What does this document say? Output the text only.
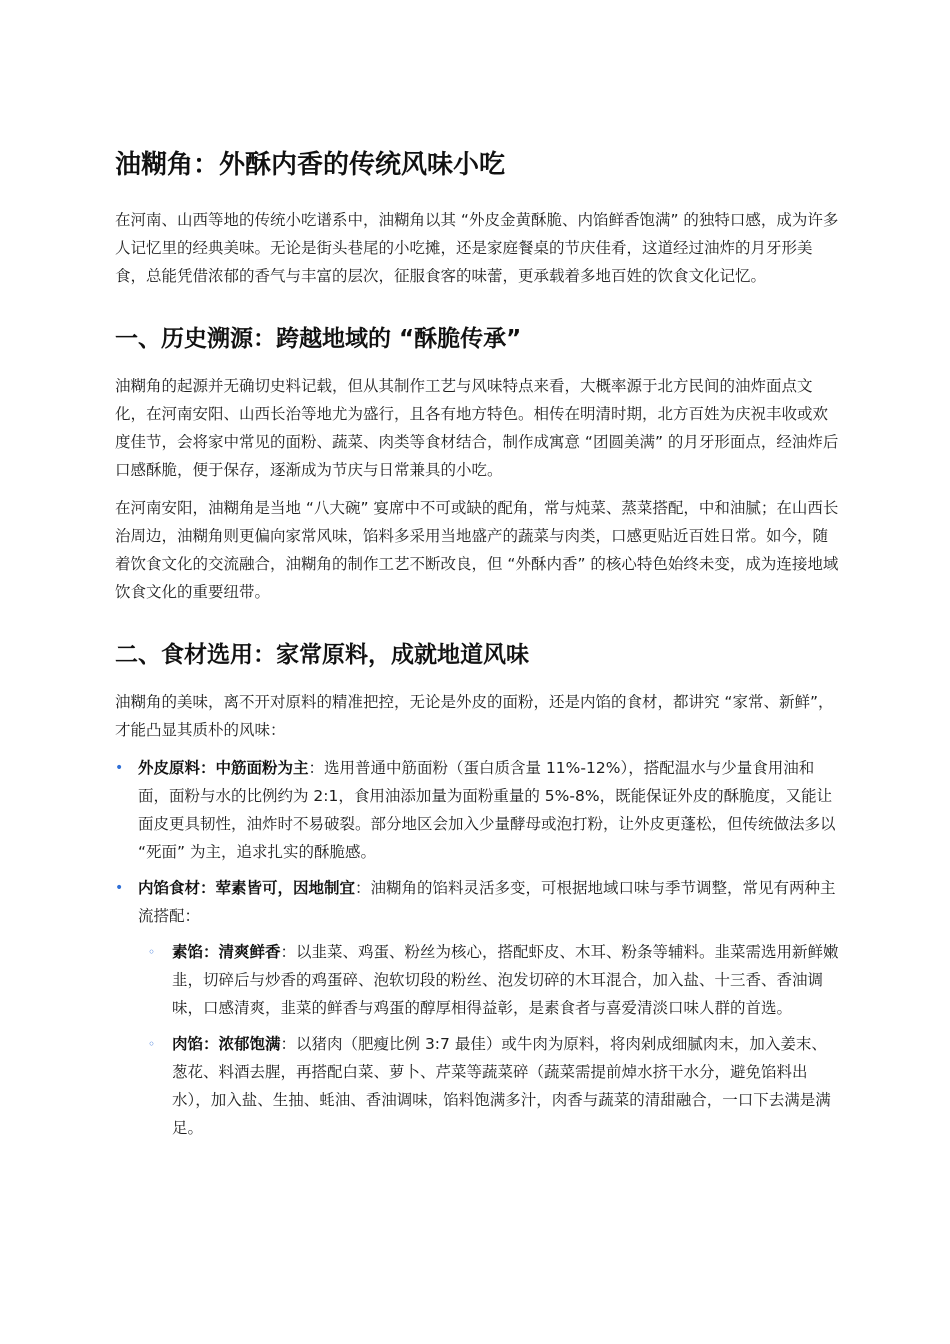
油糊角：外酥内香的传统风味小吃

在河南、山西等地的传统小吃谱系中，油糊角以其 “外皮金黄酥脆、内馅鲜香饱满” 的独特口感，成为许多人记忆里的经典美味。无论是街头巷尾的小吃摊，还是家庭餐桌的节庆佳肴，这道经过油炸的月牙形美食，总能凭借浓郁的香气与丰富的层次，征服食客的味蕾，更承载着多地百姓的饮食文化记忆。

一、历史溯源：跨越地域的 “酥脆传承”

油糊角的起源并无确切史料记载，但从其制作工艺与风味特点来看，大概率源于北方民间的油炸面点文化，在河南安阳、山西长治等地尤为盛行，且各有地方特色。相传在明清时期，北方百姓为庆祝丰收或欢度佳节，会将家中常见的面粉、蔬菜、肉类等食材结合，制作成寓意 “团圆美满” 的月牙形面点，经油炸后口感酥脆，便于保存，逐渐成为节庆与日常兼具的小吃。

在河南安阳，油糊角是当地 “八大碗” 宴席中不可或缺的配角，常与炖菜、蒸菜搭配，中和油腻；在山西长治周边，油糊角则更偏向家常风味，馅料多采用当地盛产的蔬菜与肉类，口感更贴近百姓日常。如今，随着饮食文化的交流融合，油糊角的制作工艺不断改良，但 “外酥内香” 的核心特色始终未变，成为连接地域饮食文化的重要纽带。

二、食材选用：家常原料，成就地道风味

油糊角的美味，离不开对原料的精准把控，无论是外皮的面粉，还是内馅的食材，都讲究 “家常、新鲜”，才能凸显其质朴的风味：

• 外皮原料：中筋面粉为主：选用普通中筋面粉（蛋白质含量 11%-12%），搭配温水与少量食用油和面，面粉与水的比例约为 2:1，食用油添加量为面粉重量的 5%-8%，既能保证外皮的酥脆度，又能让面皮更具韧性，油炸时不易破裂。部分地区会加入少量酵母或泡打粉，让外皮更蓬松，但传统做法多以 “死面” 为主，追求扎实的酥脆感。
• 内馅食材：荤素皆可，因地制宜：油糊角的馅料灵活多变，可根据地域口味与季节调整，常见有两种主流搭配：
◦ 素馅：清爽鲜香：以韭菜、鸡蛋、粉丝为核心，搭配虾皮、木耳、粉条等辅料。韭菜需选用新鲜嫩韭，切碎后与炒香的鸡蛋碎、泡软切段的粉丝、泡发切碎的木耳混合，加入盐、十三香、香油调味，口感清爽，韭菜的鲜香与鸡蛋的醇厚相得益彰，是素食者与喜爱清淡口味人群的首选。
◦ 肉馅：浓郁饱满：以猪肉（肥瘦比例 3:7 最佳）或牛肉为原料，将肉剁成细腻肉末，加入姜末、葱花、料酒去腥，再搭配白菜、萝卜、芹菜等蔬菜碎（蔬菜需提前焯水挤干水分，避免馅料出水），加入盐、生抽、蚝油、香油调味，馅料饱满多汁，肉香与蔬菜的清甜融合，一口下去满是满足。
